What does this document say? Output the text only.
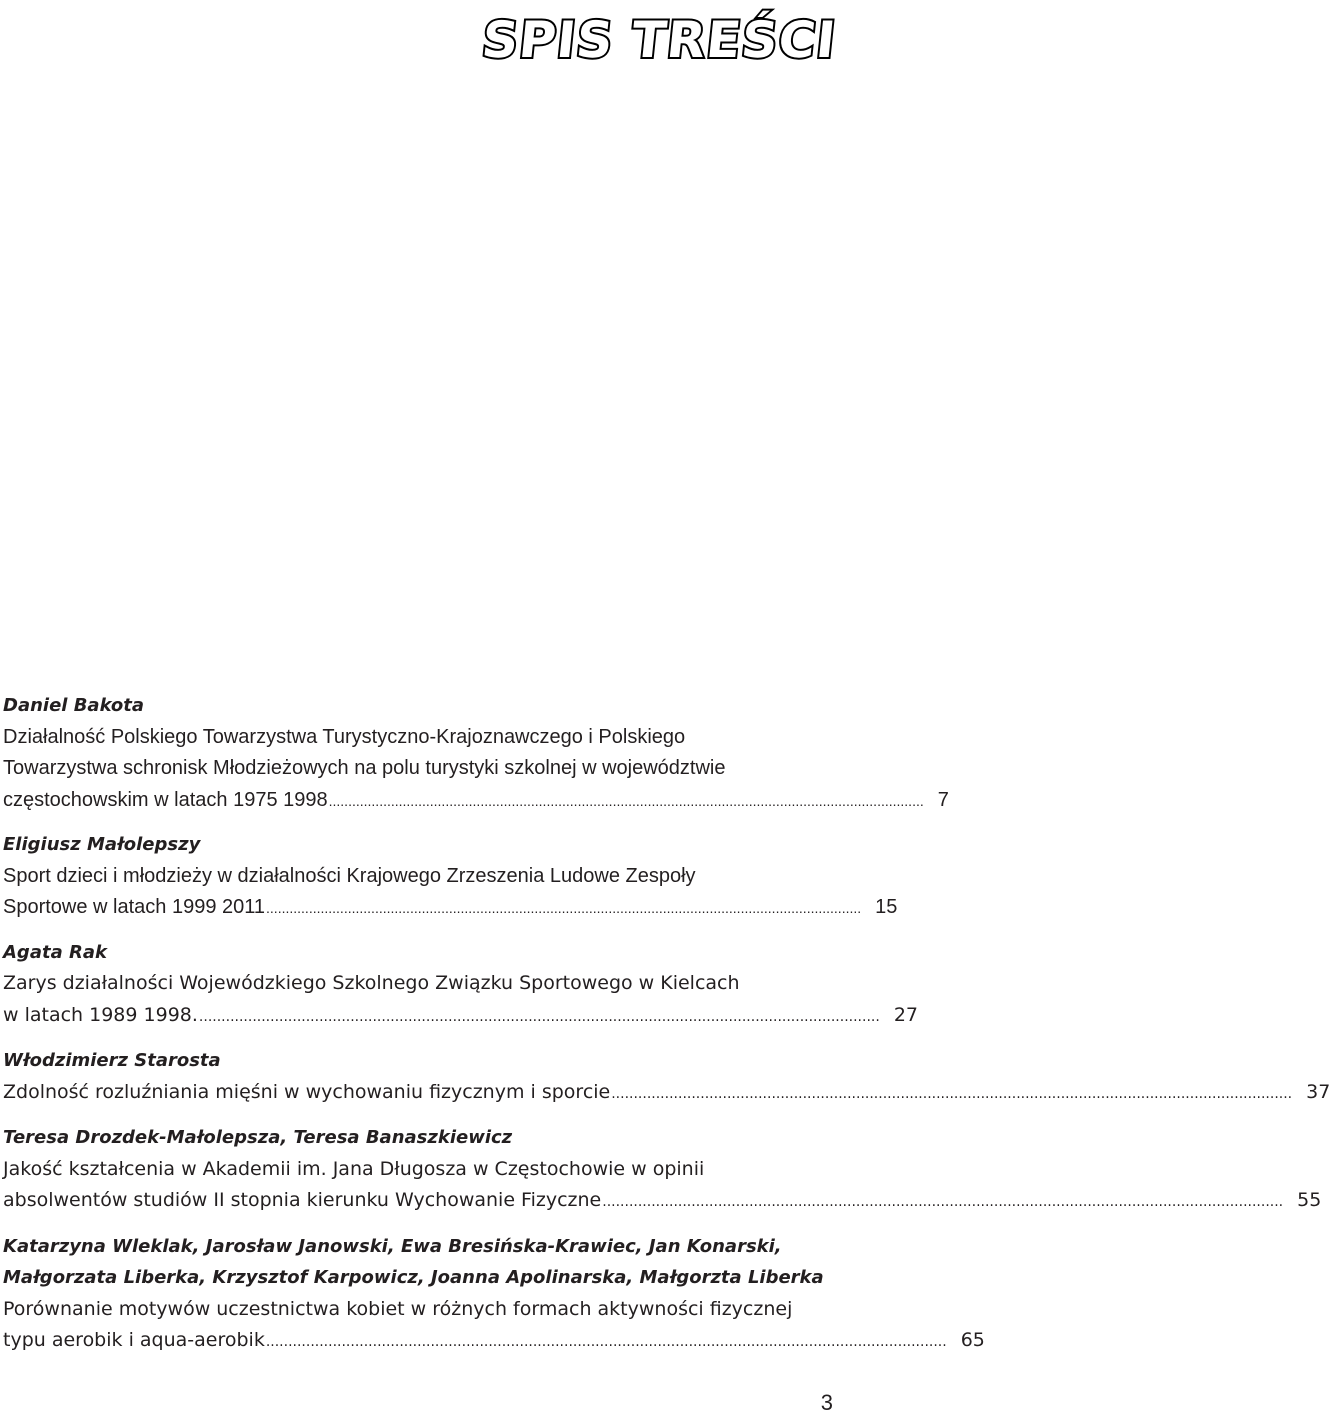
SPIS TREŚCI
Daniel Bakota
Działalność Polskiego Towarzystwa Turystyczno-Krajoznawczego i Polskiego
Towarzystwa schronisk Młodzieżowych na polu turystyki szkolnej w województwie
częstochowskim w latach 1975 1998 ......................................................................................................................................................... 7
Eligiusz Małolepszy
Sport dzieci i młodzieży w działalności Krajowego Zrzeszenia Ludowe Zespoły
Sportowe w latach 1999 2011 ......................................................................................................................................................... 15
Agata Rak
Zarys działalności Wojewódzkiego Szkolnego Związku Sportowego w Kielcach
w latach 1989 1998. ......................................................................................................................................................... 27
Włodzimierz Starosta
Zdolność rozluźniania mięśni w wychowaniu fizycznym i sporcie ......................................................................................................................................................... 37
Teresa Drozdek-Małolepsza, Teresa Banaszkiewicz
Jakość kształcenia w Akademii im. Jana Długosza w Częstochowie w opinii
absolwentów studiów II stopnia kierunku Wychowanie Fizyczne ......................................................................................................................................................... 55
Katarzyna Wleklak, Jarosław Janowski, Ewa Bresińska-Krawiec, Jan Konarski,
Małgorzata Liberka, Krzysztof Karpowicz, Joanna Apolinarska, Małgorzta Liberka
Porównanie motywów uczestnictwa kobiet w różnych formach aktywności fizycznej
typu aerobik i aqua-aerobik ......................................................................................................................................................... 65
3
